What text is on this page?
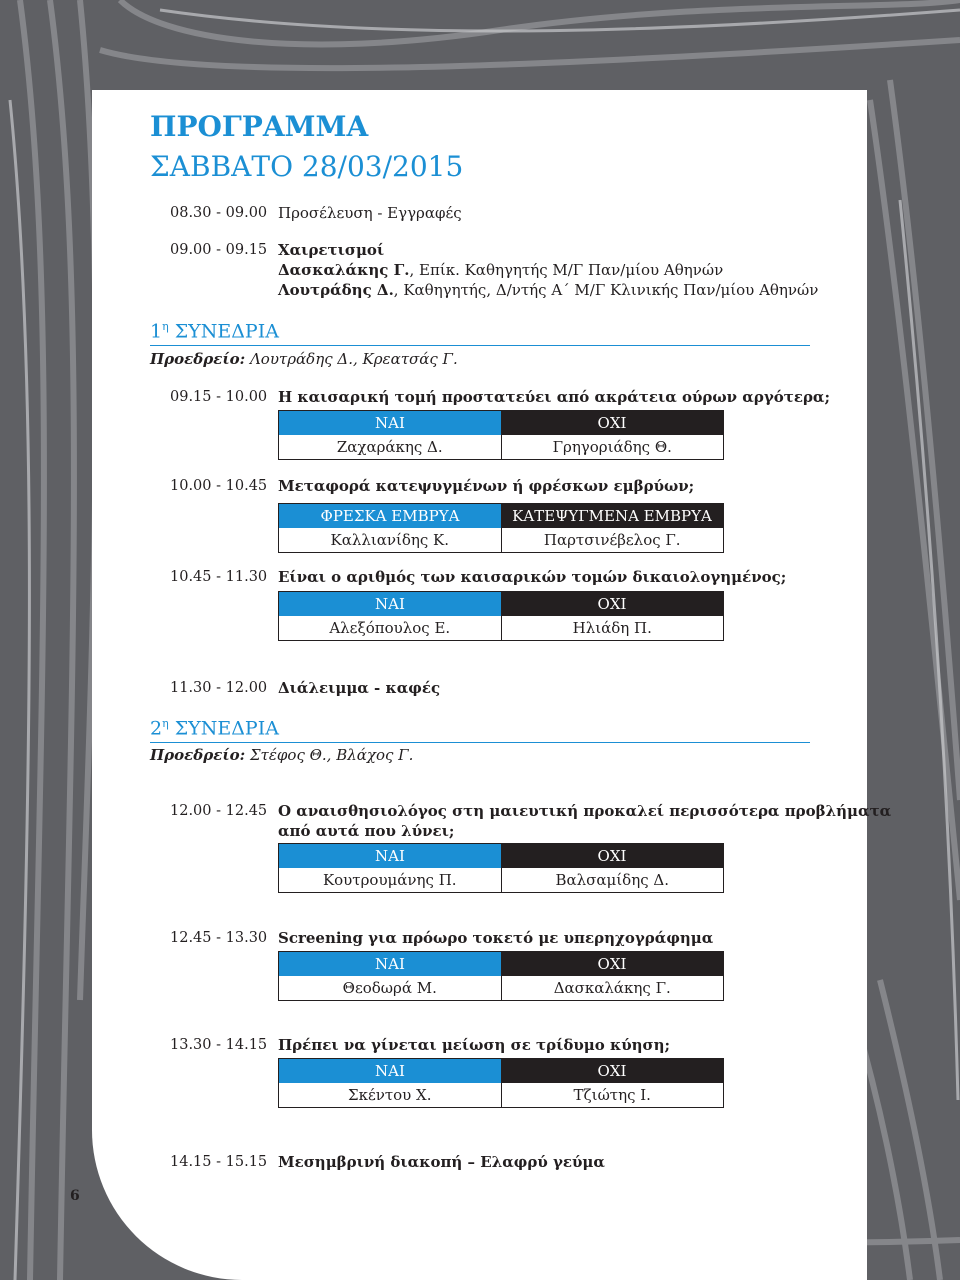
ΠΡΟΓΡΑΜΜΑ
ΣΑΒΒΑΤΟ 28/03/2015
08.30 - 09.00 Προσέλευση - Εγγραφές
09.00 - 09.15 Χαιρετισμοί
Δασκαλάκης Γ., Επίκ. Καθηγητής Μ/Γ Παν/μίου Αθηνών
Λουτράδης Δ., Καθηγητής, Δ/ντής Α΄ Μ/Γ Κλινικής Παν/μίου Αθηνών
$1^\eta$ ΣΥΝΕΔΡΙΑ
Προεδρείο: Λουτράδης Δ., Κρεατσάς Γ.
09.15 - 10.00 Η καισαρική τομή προστατεύει από ακράτεια ούρων αργότερα;
ΝΑΙ	ΟΧΙ
Ζαχαράκης Δ.	Γρηγοριάδης Θ.
10.00 - 10.45 Μεταφορά κατεψυγμένων ή φρέσκων εμβρύων;
ΦΡΕΣΚΑ ΕΜΒΡΥΑ	ΚΑΤΕΨΥΓΜΕΝΑ ΕΜΒΡΥΑ
Καλλιανίδης Κ.	Παρτσινέβελος Γ.
10.45 - 11.30 Είναι ο αριθμός των καισαρικών τομών δικαιολογημένος;
ΝΑΙ	ΟΧΙ
Αλεξόπουλος Ε.	Ηλιάδη Π.
11.30 - 12.00 Διάλειμμα - καφές
$2^\eta$ ΣΥΝΕΔΡΙΑ
Προεδρείο: Στέφος Θ., Βλάχος Γ.
12.00 - 12.45 Ο αναισθησιολόγος στη μαιευτική προκαλεί περισσότερα προβλήματα
από αυτά που λύνει;
ΝΑΙ	ΟΧΙ
Κουτρουμάνης Π.	Βαλσαμίδης Δ.
12.45 - 13.30 Screening για πρόωρο τοκετό με υπερηχογράφημα
ΝΑΙ	ΟΧΙ
Θεοδωρά Μ.	Δασκαλάκης Γ.
13.30 - 14.15 Πρέπει να γίνεται μείωση σε τρίδυμο κύηση;
ΝΑΙ	ΟΧΙ
Σκέντου Χ.	Τζιώτης Ι.
14.15 - 15.15 Μεσημβρινή διακοπή – Ελαφρύ γεύμα
6
